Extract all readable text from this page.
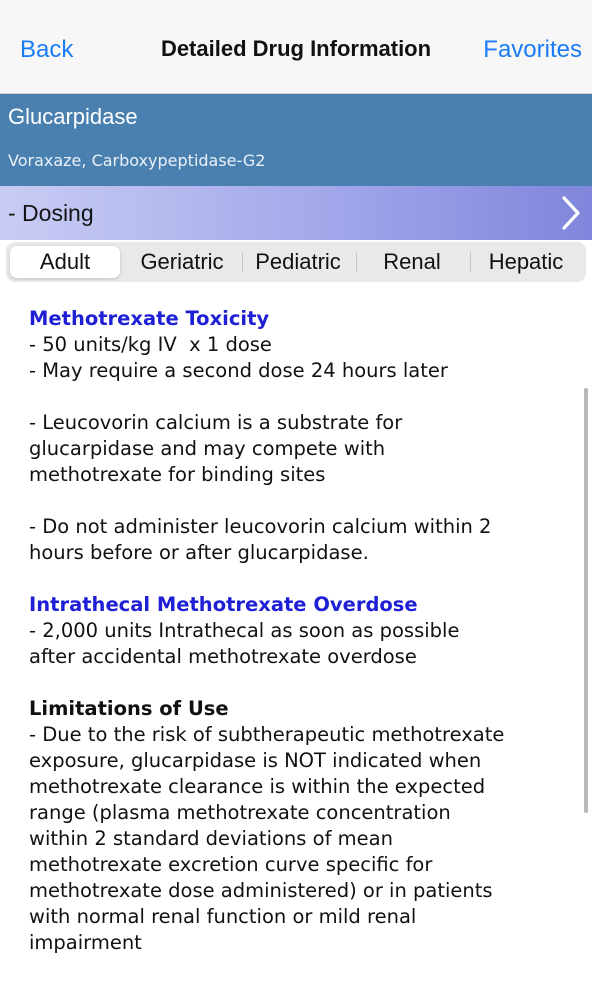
Back	Detailed Drug Information	Favorites
Glucarpidase
Voraxaze, Carboxypeptidase-G2
- Dosing
Adult	Geriatric	Pediatric	Renal	Hepatic
Methotrexate Toxicity
- 50 units/kg IV  x 1 dose
- May require a second dose 24 hours later
- Leucovorin calcium is a substrate for
glucarpidase and may compete with
methotrexate for binding sites
- Do not administer leucovorin calcium within 2
hours before or after glucarpidase.
Intrathecal Methotrexate Overdose
- 2,000 units Intrathecal as soon as possible
after accidental methotrexate overdose
Limitations of Use
- Due to the risk of subtherapeutic methotrexate
exposure, glucarpidase is NOT indicated when
methotrexate clearance is within the expected
range (plasma methotrexate concentration
within 2 standard deviations of mean
methotrexate excretion curve specific for
methotrexate dose administered) or in patients
with normal renal function or mild renal
impairment
